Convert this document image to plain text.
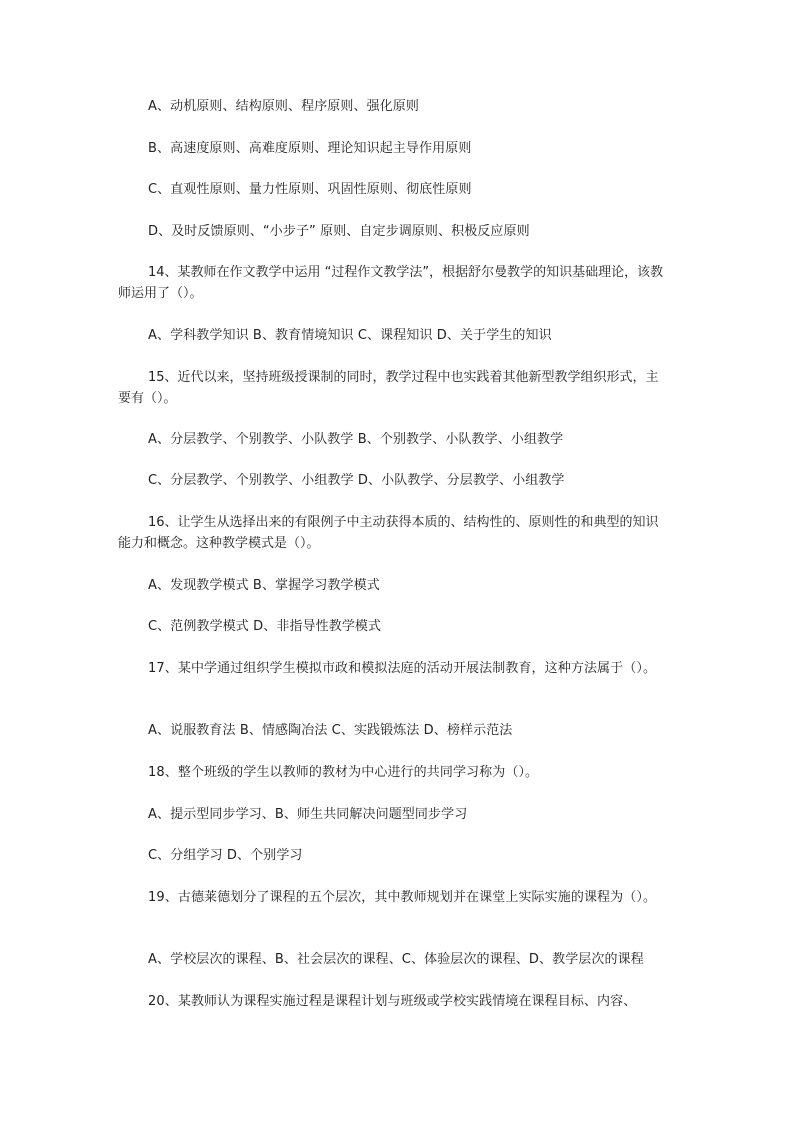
A、动机原则、结构原则、程序原则、强化原则
B、高速度原则、高难度原则、理论知识起主导作用原则
C、直观性原则、量力性原则、巩固性原则、彻底性原则
D、及时反馈原则、“小步子” 原则、自定步调原则、积极反应原则
14、某教师在作文教学中运用 “过程作文教学法”，根据舒尔曼教学的知识基础理论，该教师运用了（）。
A、学科教学知识 B、教育情境知识 C、课程知识 D、关于学生的知识
15、近代以来，坚持班级授课制的同时，教学过程中也实践着其他新型教学组织形式，主要有（）。
A、分层教学、个别教学、小队教学 B、个别教学、小队教学、小组教学
C、分层教学、个别教学、小组教学 D、小队教学、分层教学、小组教学
16、让学生从选择出来的有限例子中主动获得本质的、结构性的、原则性的和典型的知识能力和概念。这种教学模式是（）。
A、发现教学模式 B、掌握学习教学模式
C、范例教学模式 D、非指导性教学模式
17、某中学通过组织学生模拟市政和模拟法庭的活动开展法制教育，这种方法属于（）。
A、说服教育法 B、情感陶冶法 C、实践锻炼法 D、榜样示范法
18、整个班级的学生以教师的教材为中心进行的共同学习称为（）。
A、提示型同步学习、B、师生共同解决问题型同步学习
C、分组学习 D、个别学习
19、古德莱德划分了课程的五个层次，其中教师规划并在课堂上实际实施的课程为（）。
A、学校层次的课程、B、社会层次的课程、C、体验层次的课程、D、教学层次的课程
20、某教师认为课程实施过程是课程计划与班级或学校实践情境在课程目标、内容、
